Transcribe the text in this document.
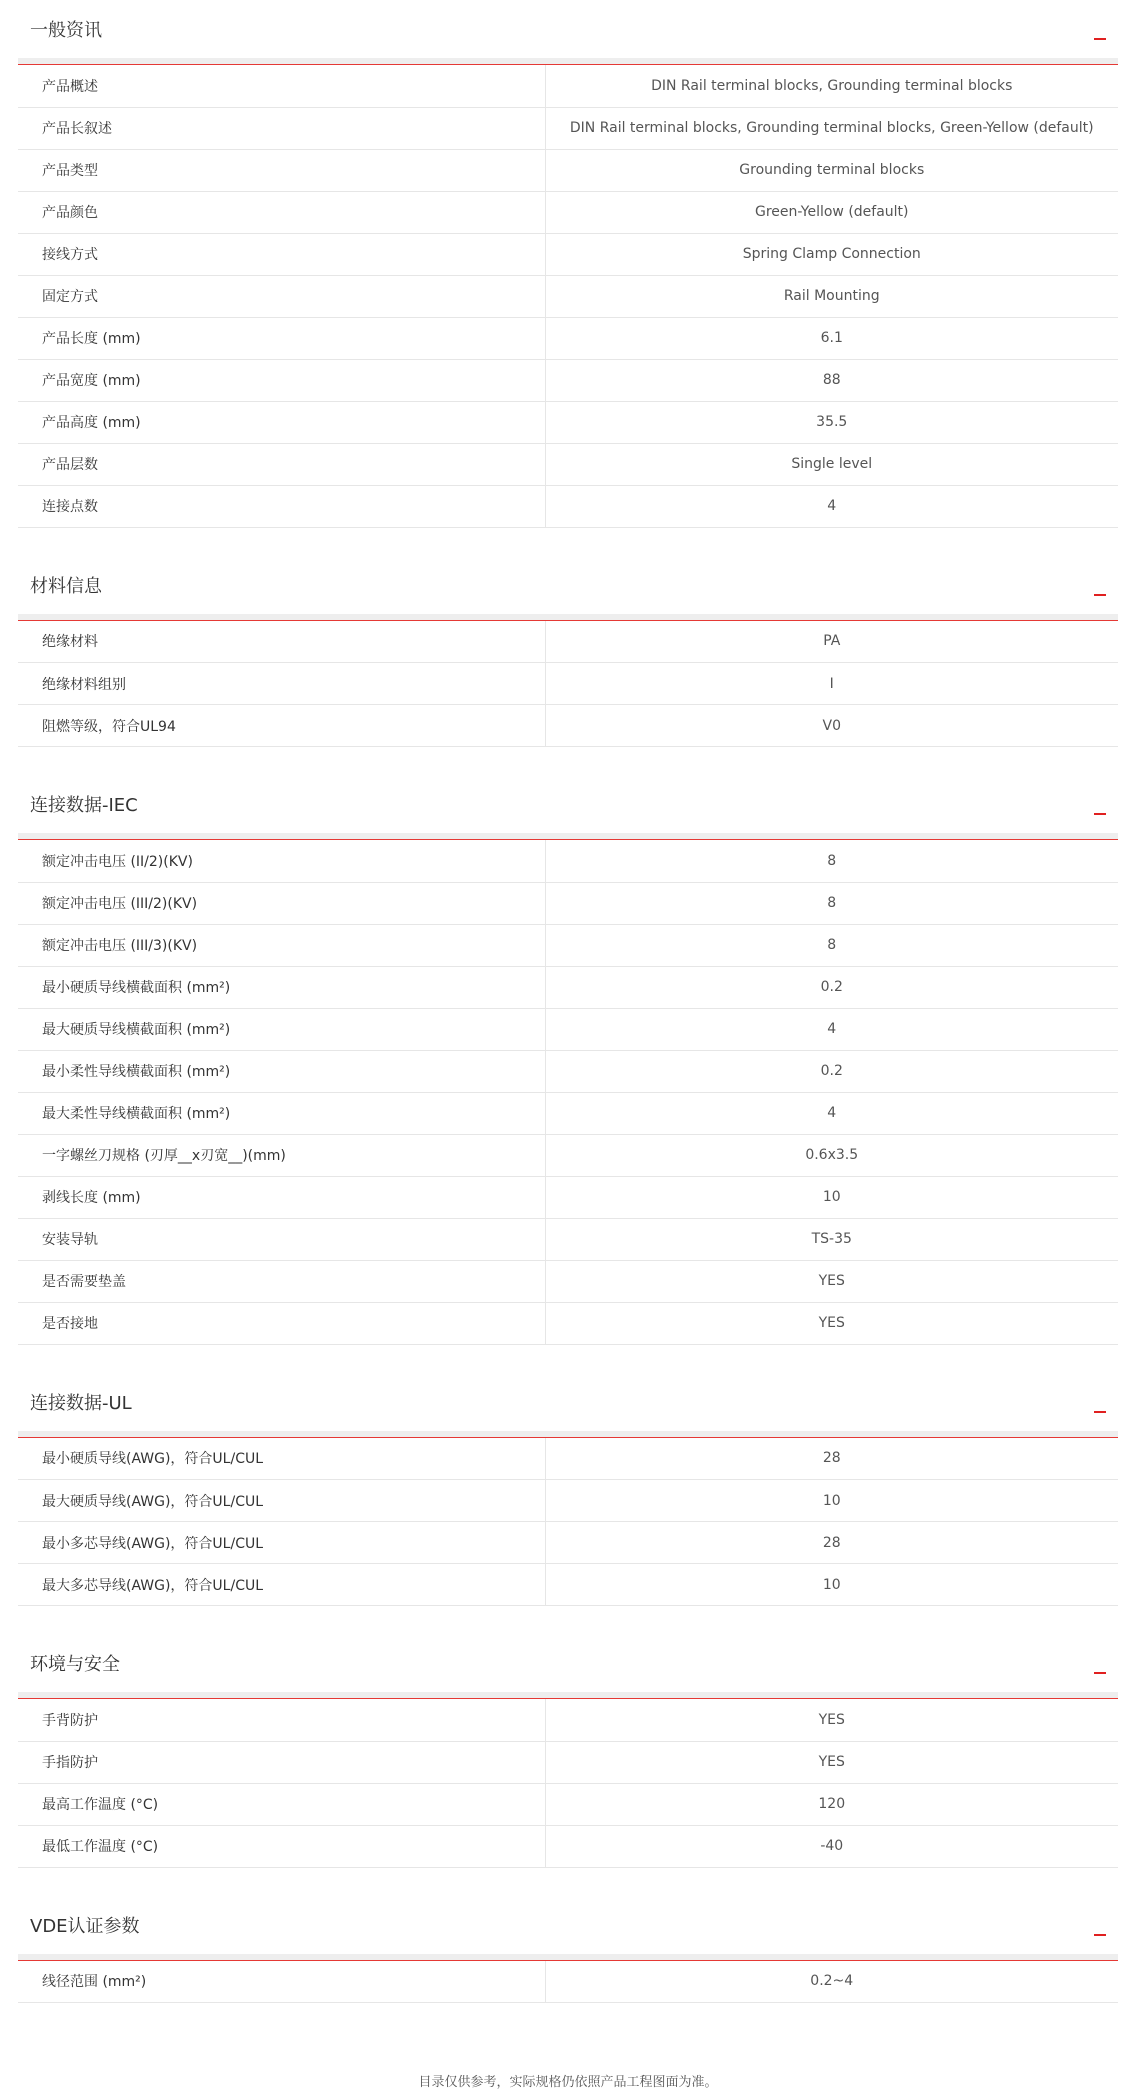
一般资讯
产品概述	DIN Rail terminal blocks, Grounding terminal blocks
产品长叙述	DIN Rail terminal blocks, Grounding terminal blocks, Green-Yellow (default)
产品类型	Grounding terminal blocks
产品颜色	Green-Yellow (default)
接线方式	Spring Clamp Connection
固定方式	Rail Mounting
产品长度 (mm)	6.1
产品宽度 (mm)	88
产品高度 (mm)	35.5
产品层数	Single level
连接点数	4
材料信息
绝缘材料	PA
绝缘材料组别	I
阻燃等级，符合UL94	V0
连接数据-IEC
额定冲击电压 (II/2)(KV)	8
额定冲击电压 (III/2)(KV)	8
额定冲击电压 (III/3)(KV)	8
最小硬质导线横截面积 (mm²)	0.2
最大硬质导线横截面积 (mm²)	4
最小柔性导线横截面积 (mm²)	0.2
最大柔性导线横截面积 (mm²)	4
一字螺丝刀规格 (刃厚__x刃宽__)(mm)	0.6x3.5
剥线长度 (mm)	10
安装导轨	TS-35
是否需要垫盖	YES
是否接地	YES
连接数据-UL
最小硬质导线(AWG)，符合UL/CUL	28
最大硬质导线(AWG)，符合UL/CUL	10
最小多芯导线(AWG)，符合UL/CUL	28
最大多芯导线(AWG)，符合UL/CUL	10
环境与安全
手背防护	YES
手指防护	YES
最高工作温度 (°C)	120
最低工作温度 (°C)	-40
VDE认证参数
线径范围 (mm²)	0.2~4
目录仅供参考，实际规格仍依照产品工程图面为准。
